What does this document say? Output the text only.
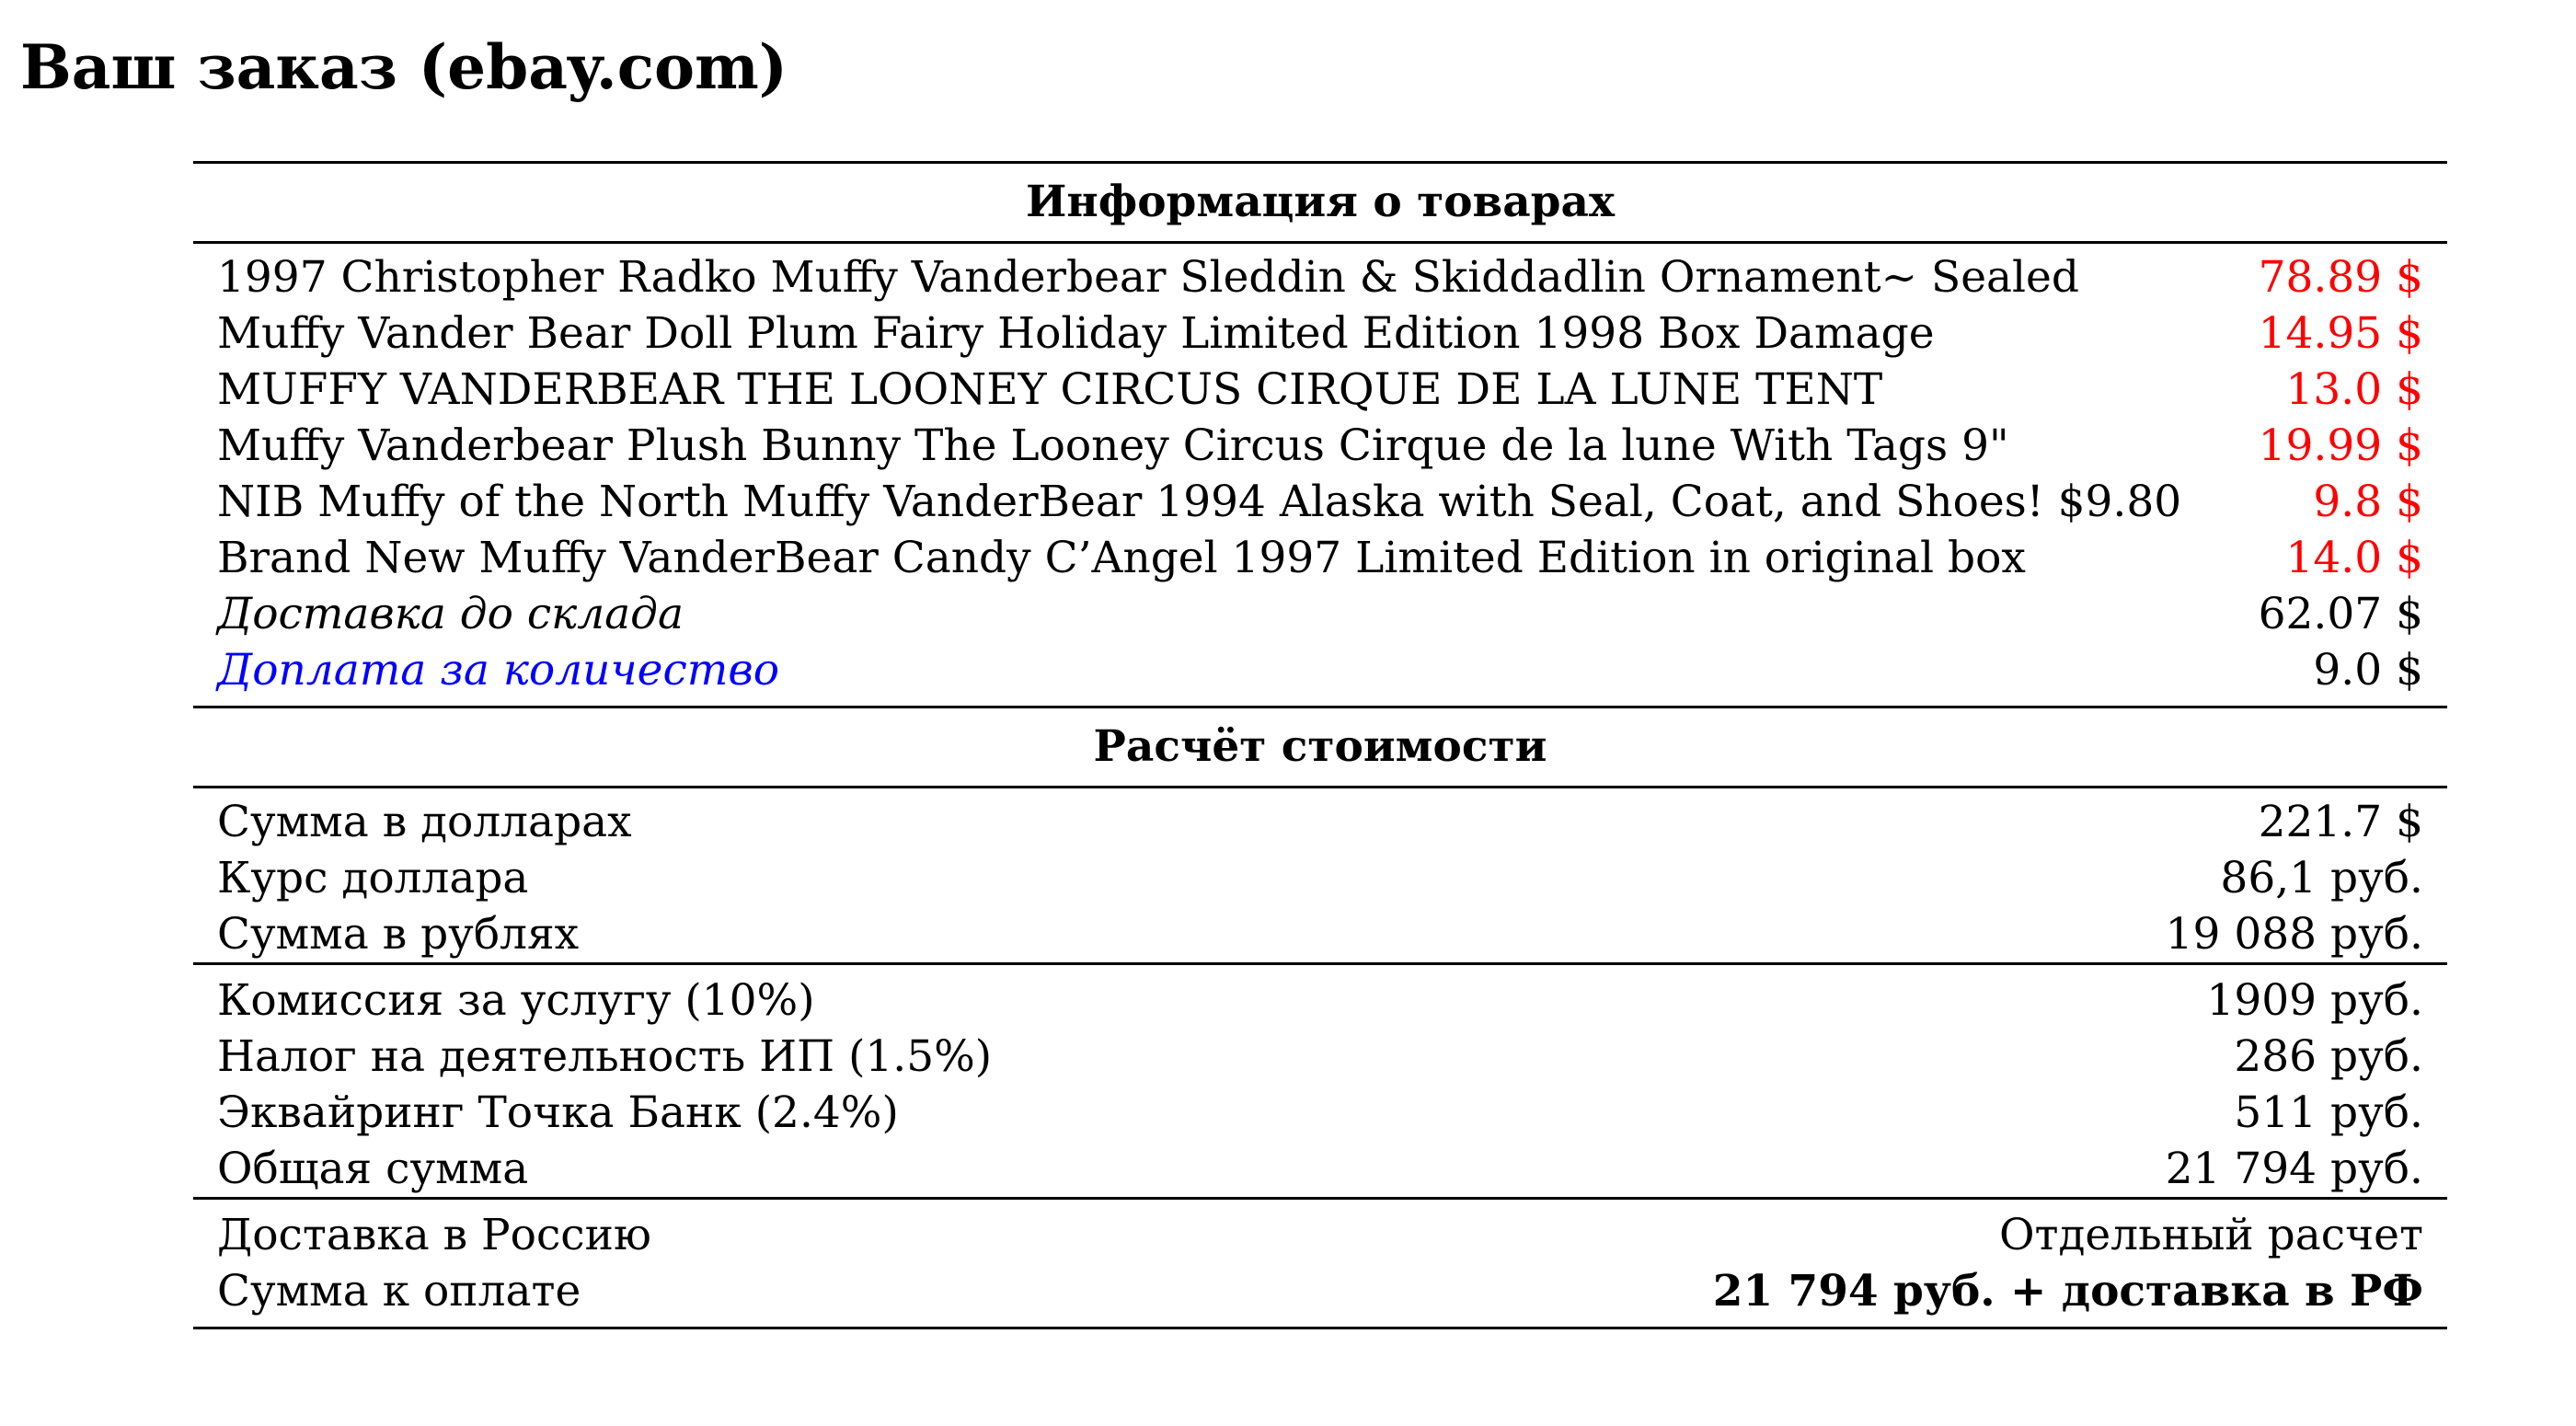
Ваш заказ (ebay.com)
Информация о товарах	
1997 Christopher Radko Muffy Vanderbear Sleddin & Skiddadlin Ornament~ Sealed	78.89 $
Muffy Vander Bear Doll Plum Fairy Holiday Limited Edition 1998 Box Damage	14.95 $
MUFFY VANDERBEAR THE LOONEY CIRCUS CIRQUE DE LA LUNE TENT	13.0 $
Muffy Vanderbear Plush Bunny The Looney Circus Cirque de la lune With Tags 9"	19.99 $
NIB Muffy of the North Muffy VanderBear 1994 Alaska with Seal, Coat, and Shoes! $9.80	9.8 $
Brand New Muffy VanderBear Candy C’Angel 1997 Limited Edition in original box	14.0 $
Доставка до склада	62.07 $
Доплата за количество	9.0 $
Расчёт стоимости	
Сумма в долларах	221.7 $
Курс доллара	86,1 руб.
Сумма в рублях	19 088 руб.
Комиссия за услугу (10%)	1909 руб.
Налог на деятельность ИП (1.5%)	286 руб.
Эквайринг Точка Банк (2.4%)	511 руб.
Общая сумма	21 794 руб.
Доставка в Россию	Отдельный расчет
Сумма к оплате	21 794 руб. + доставка в РФ
